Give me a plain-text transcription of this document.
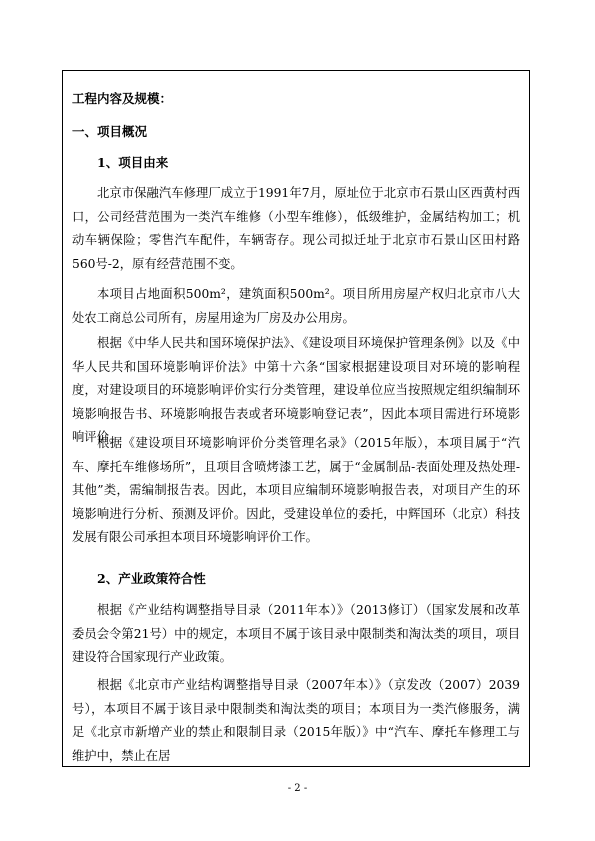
工程内容及规模：
一、项目概况
1、项目由来

北京市保融汽车修理厂成立于1991年7月，原址位于北京市石景山区西黄村西口，公司经营范围为一类汽车维修（小型车维修），低级维护，金属结构加工；机动车辆保险；零售汽车配件，车辆寄存。现公司拟迁址于北京市石景山区田村路560号-2，原有经营范围不变。

本项目占地面积500m²，建筑面积500m²。项目所用房屋产权归北京市八大处农工商总公司所有，房屋用途为厂房及办公用房。

根据《中华人民共和国环境保护法》、《建设项目环境保护管理条例》以及《中华人民共和国环境影响评价法》中第十六条“国家根据建设项目对环境的影响程度，对建设项目的环境影响评价实行分类管理，建设单位应当按照规定组织编制环境影响报告书、环境影响报告表或者环境影响登记表”，因此本项目需进行环境影响评价。

根据《建设项目环境影响评价分类管理名录》（2015年版），本项目属于“汽车、摩托车维修场所”，且项目含喷烤漆工艺，属于“金属制品-表面处理及热处理-其他”类，需编制报告表。因此，本项目应编制环境影响报告表，对项目产生的环境影响进行分析、预测及评价。因此，受建设单位的委托，中辉国环（北京）科技发展有限公司承担本项目环境影响评价工作。

2、产业政策符合性

根据《产业结构调整指导目录（2011年本）》（2013修订）（国家发展和改革委员会令第21号）中的规定，本项目不属于该目录中限制类和淘汰类的项目，项目建设符合国家现行产业政策。

根据《北京市产业结构调整指导目录（2007年本）》（京发改（2007）2039号），本项目不属于该目录中限制类和淘汰类的项目；本项目为一类汽修服务，满足《北京市新增产业的禁止和限制目录（2015年版）》中“汽车、摩托车修理工与维护中，禁止在居

- 2 -
